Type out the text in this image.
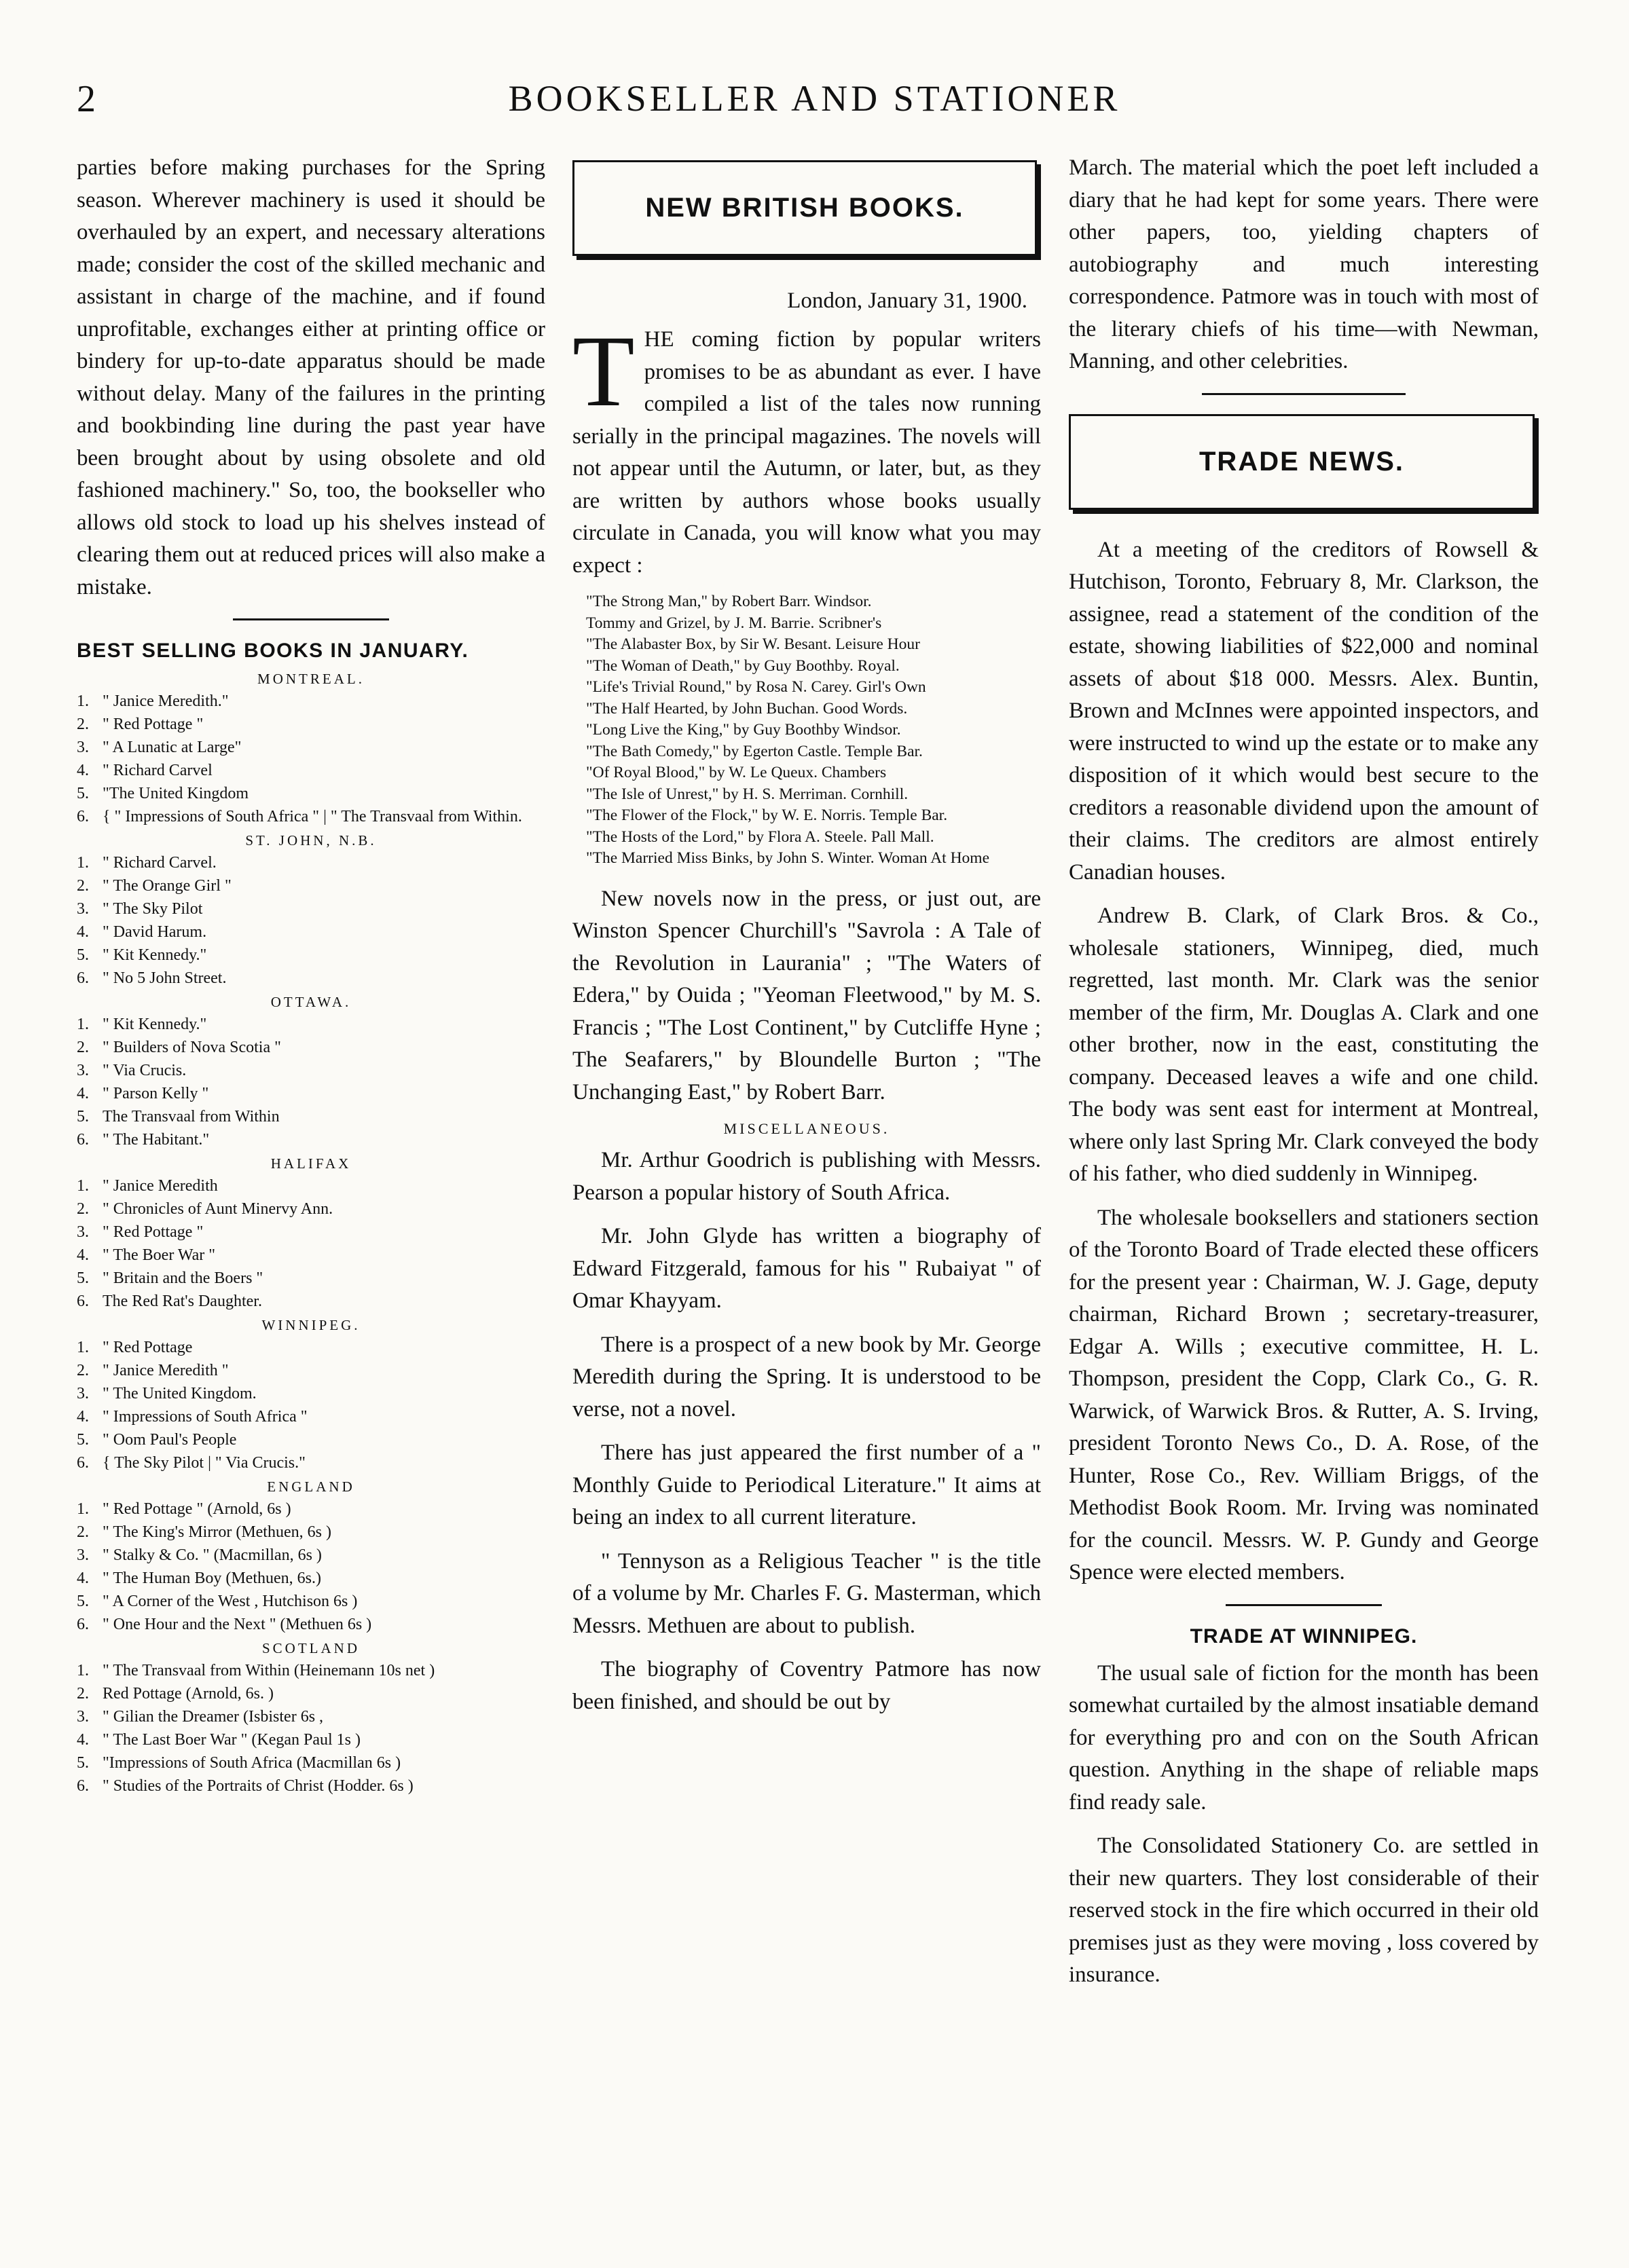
2	BOOKSELLER AND STATIONER

parties before making purchases for the Spring season. Wherever machinery is used it should be overhauled by an expert, and necessary alterations made; consider the cost of the skilled mechanic and assistant in charge of the machine, and if found unprofitable, exchanges either at printing office or bindery for up-to-date apparatus should be made without delay. Many of the failures in the printing and bookbinding line during the past year have been brought about by using obsolete and old fashioned machinery." So, too, the bookseller who allows old stock to load up his shelves instead of clearing them out at reduced prices will also make a mistake.

BEST SELLING BOOKS IN JANUARY.
MONTREAL.
1. " Janice Meredith."
2. " Red Pottage "
3. " A Lunatic at Large"
4. " Richard Carvel
5. "The United Kingdom
6. { " Impressions of South Africa " | " The Transvaal from Within.
ST. JOHN, N.B.
1. " Richard Carvel.
2. " The Orange Girl "
3. " The Sky Pilot
4. " David Harum.
5. " Kit Kennedy."
6. " No 5 John Street.
OTTAWA.
1. " Kit Kennedy."
2. " Builders of Nova Scotia "
3. " Via Crucis.
4. " Parson Kelly "
5. The Transvaal from Within
6. " The Habitant."
HALIFAX
1. " Janice Meredith
2. " Chronicles of Aunt Minervy Ann.
3. " Red Pottage "
4. " The Boer War "
5. " Britain and the Boers "
6. The Red Rat's Daughter.
WINNIPEG.
1. " Red Pottage
2. " Janice Meredith "
3. " The United Kingdom.
4. " Impressions of South Africa "
5. " Oom Paul's People
6. { The Sky Pilot | " Via Crucis."
ENGLAND
1. " Red Pottage " (Arnold, 6s )
2. " The King's Mirror (Methuen, 6s )
3. " Stalky & Co. " (Macmillan, 6s )
4. " The Human Boy (Methuen, 6s.)
5. " A Corner of the West , Hutchison 6s )
6. " One Hour and the Next " (Methuen 6s )
SCOTLAND
1. " The Transvaal from Within (Heinemann 10s net )
2. Red Pottage (Arnold, 6s. )
3. " Gilian the Dreamer (Isbister 6s ,
4. " The Last Boer War " (Kegan Paul 1s )
5. "Impressions of South Africa (Macmillan 6s )
6. " Studies of the Portraits of Christ (Hodder. 6s )
NEW BRITISH BOOKS.
London, January 31, 1900.
T HE coming fiction by popular writers promises to be as abundant as ever. I have compiled a list of the tales now running serially in the principal magazines. The novels will not appear until the Autumn, or later, but, as they are written by authors whose books usually circulate in Canada, you will know what you may expect :

"The Strong Man," by Robert Barr. Windsor.
Tommy and Grizel, by J. M. Barrie. Scribner's
"The Alabaster Box, by Sir W. Besant. Leisure Hour
"The Woman of Death," by Guy Boothby. Royal.
"Life's Trivial Round," by Rosa N. Carey. Girl's Own
"The Half Hearted, by John Buchan. Good Words.
"Long Live the King," by Guy Boothby Windsor.
"The Bath Comedy," by Egerton Castle. Temple Bar.
"Of Royal Blood," by W. Le Queux. Chambers
"The Isle of Unrest," by H. S. Merriman. Cornhill.
"The Flower of the Flock," by W. E. Norris. Temple Bar.
"The Hosts of the Lord," by Flora A. Steele. Pall Mall.
"The Married Miss Binks, by John S. Winter. Woman At Home

New novels now in the press, or just out, are Winston Spencer Churchill's "Savrola : A Tale of the Revolution in Laurania" ; "The Waters of Edera," by Ouida ; "Yeoman Fleetwood," by M. S. Francis ; "The Lost Continent," by Cutcliffe Hyne ; The Seafarers," by Bloundelle Burton ; "The Unchanging East," by Robert Barr.

MISCELLANEOUS.

Mr. Arthur Goodrich is publishing with Messrs. Pearson a popular history of South Africa.

Mr. John Glyde has written a biography of Edward Fitzgerald, famous for his " Rubaiyat " of Omar Khayyam.

There is a prospect of a new book by Mr. George Meredith during the Spring. It is understood to be verse, not a novel.

There has just appeared the first number of a " Monthly Guide to Periodical Literature." It aims at being an index to all current literature.

" Tennyson as a Religious Teacher " is the title of a volume by Mr. Charles F. G. Masterman, which Messrs. Methuen are about to publish.

The biography of Coventry Patmore has now been finished, and should be out by

March. The material which the poet left included a diary that he had kept for some years. There were other papers, too, yielding chapters of autobiography and much interesting correspondence. Patmore was in touch with most of the literary chiefs of his time—with Newman, Manning, and other celebrities.

TRADE NEWS.

At a meeting of the creditors of Rowsell & Hutchison, Toronto, February 8, Mr. Clarkson, the assignee, read a statement of the condition of the estate, showing liabilities of $22,000 and nominal assets of about $18 000. Messrs. Alex. Buntin, Brown and McInnes were appointed inspectors, and were instructed to wind up the estate or to make any disposition of it which would best secure to the creditors a reasonable dividend upon the amount of their claims. The creditors are almost entirely Canadian houses.

Andrew B. Clark, of Clark Bros. & Co., wholesale stationers, Winnipeg, died, much regretted, last month. Mr. Clark was the senior member of the firm, Mr. Douglas A. Clark and one other brother, now in the east, constituting the company. Deceased leaves a wife and one child. The body was sent east for interment at Montreal, where only last Spring Mr. Clark conveyed the body of his father, who died suddenly in Winnipeg.

The wholesale booksellers and stationers section of the Toronto Board of Trade elected these officers for the present year : Chairman, W. J. Gage, deputy chairman, Richard Brown ; secretary-treasurer, Edgar A. Wills ; executive committee, H. L. Thompson, president the Copp, Clark Co., G. R. Warwick, of Warwick Bros. & Rutter, A. S. Irving, president Toronto News Co., D. A. Rose, of the Hunter, Rose Co., Rev. William Briggs, of the Methodist Book Room. Mr. Irving was nominated for the council. Messrs. W. P. Gundy and George Spence were elected members.

TRADE AT WINNIPEG.

The usual sale of fiction for the month has been somewhat curtailed by the almost insatiable demand for everything pro and con on the South African question. Anything in the shape of reliable maps find ready sale.

The Consolidated Stationery Co. are settled in their new quarters. They lost considerable of their reserved stock in the fire which occurred in their old premises just as they were moving , loss covered by insurance.
